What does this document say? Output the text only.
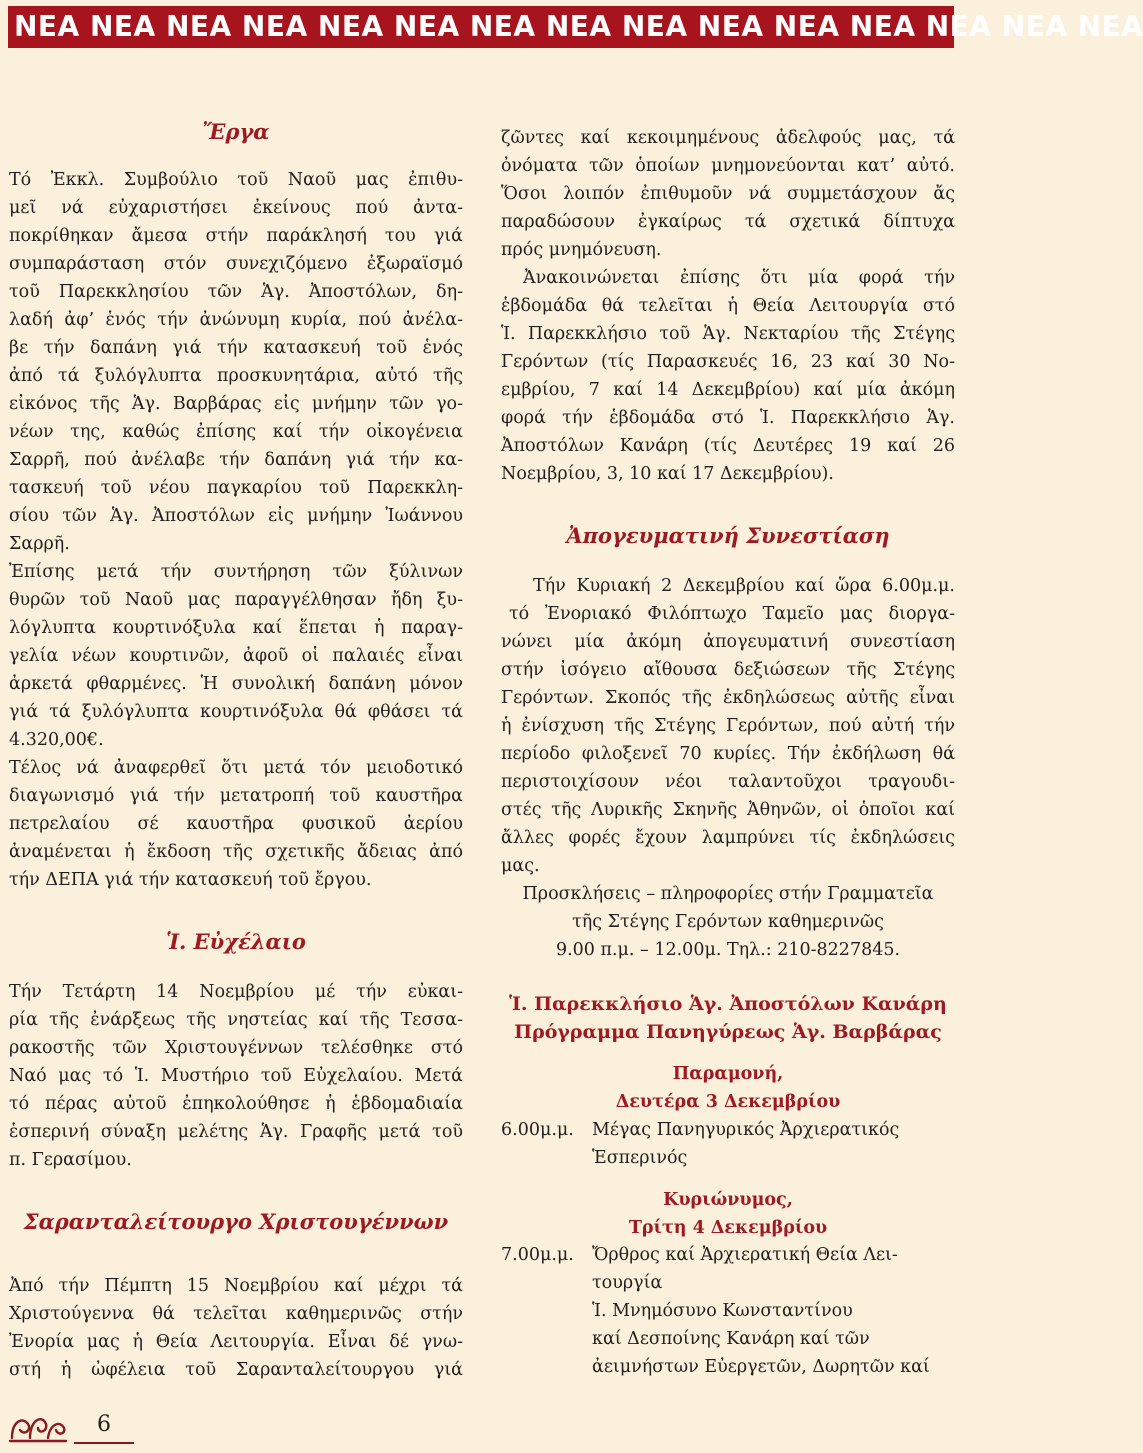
ΝΕΑ ΝΕΑ ΝΕΑ ΝΕΑ ΝΕΑ ΝΕΑ ΝΕΑ ΝΕΑ ΝΕΑ ΝΕΑ ΝΕΑ ΝΕΑ ΝΕΑ ΝΕΑ ΝΕΑ
Ἔργα
Τό Ἐκκλ. Συμβούλιο τοῦ Ναοῦ μας ἐπιθυ-
μεῖ νά εὐχαριστήσει ἐκείνους πού ἀντα-
ποκρίθηκαν ἄμεσα στήν παράκλησή του γιά
συμπαράσταση στόν συνεχιζόμενο ἐξωραϊσμό
τοῦ Παρεκκλησίου τῶν Ἁγ. Ἀποστόλων, δη-
λαδή ἀφ’ ἑνός τήν ἀνώνυμη κυρία, πού ἀνέλα-
βε τήν δαπάνη γιά τήν κατασκευή τοῦ ἑνός
ἀπό τά ξυλόγλυπτα προσκυνητάρια, αὐτό τῆς
εἰκόνος τῆς Ἁγ. Βαρβάρας εἰς μνήμην τῶν γο-
νέων της, καθώς ἐπίσης καί τήν οἰκογένεια
Σαρρῆ, πού ἀνέλαβε τήν δαπάνη γιά τήν κα-
τασκευή τοῦ νέου παγκαρίου τοῦ Παρεκκλη-
σίου τῶν Ἁγ. Ἀποστόλων εἰς μνήμην Ἰωάννου
Σαρρῆ.
Ἐπίσης μετά τήν συντήρηση τῶν ξύλινων
θυρῶν τοῦ Ναοῦ μας παραγγέλθησαν ἤδη ξυ-
λόγλυπτα κουρτινόξυλα καί ἕπεται ἡ παραγ-
γελία νέων κουρτινῶν, ἀφοῦ οἱ παλαιές εἶναι
ἀρκετά φθαρμένες. Ἡ συνολική δαπάνη μόνον
γιά τά ξυλόγλυπτα κουρτινόξυλα θά φθάσει τά
4.320,00€.
Τέλος νά ἀναφερθεῖ ὅτι μετά τόν μειοδοτικό
διαγωνισμό γιά τήν μετατροπή τοῦ καυστῆρα
πετρελαίου σέ καυστῆρα φυσικοῦ ἀερίου
ἀναμένεται ἡ ἔκδοση τῆς σχετικῆς ἄδειας ἀπό
τήν ΔΕΠΑ γιά τήν κατασκευή τοῦ ἔργου.
Ἱ. Εὐχέλαιο
Τήν Τετάρτη 14 Νοεμβρίου μέ τήν εὐκαι-
ρία τῆς ἐνάρξεως τῆς νηστείας καί τῆς Τεσσα-
ρακοστῆς τῶν Χριστουγέννων τελέσθηκε στό
Ναό μας τό Ἱ. Μυστήριο τοῦ Εὐχελαίου. Μετά
τό πέρας αὐτοῦ ἐπηκολούθησε ἡ ἑβδομαδιαία
ἑσπερινή σύναξη μελέτης Ἁγ. Γραφῆς μετά τοῦ
π. Γερασίμου.
Σαρανταλείτουργο Χριστουγέννων
Ἀπό τήν Πέμπτη 15 Νοεμβρίου καί μέχρι τά
Χριστούγεννα θά τελεῖται καθημερινῶς στήν
Ἐνορία μας ἡ Θεία Λειτουργία. Εἶναι δέ γνω-
στή ἡ ὠφέλεια τοῦ Σαρανταλείτουργου γιά
ζῶντες καί κεκοιμημένους ἀδελφούς μας, τά
ὀνόματα τῶν ὁποίων μνημονεύονται κατ’ αὐτό.
Ὅσοι λοιπόν ἐπιθυμοῦν νά συμμετάσχουν ἄς
παραδώσουν ἐγκαίρως τά σχετικά δίπτυχα
πρός μνημόνευση.
Ἀνακοινώνεται ἐπίσης ὅτι μία φορά τήν
ἑβδομάδα θά τελεῖται ἡ Θεία Λειτουργία στό
Ἱ. Παρεκκλήσιο τοῦ Ἁγ. Νεκταρίου τῆς Στέγης
Γερόντων (τίς Παρασκευές 16, 23 καί 30 Νο-
εμβρίου, 7 καί 14 Δεκεμβρίου) καί μία ἀκόμη
φορά τήν ἑβδομάδα στό Ἱ. Παρεκκλήσιο Ἁγ.
Ἀποστόλων Κανάρη (τίς Δευτέρες 19 καί 26
Νοεμβρίου, 3, 10 καί 17 Δεκεμβρίου).
Ἀπογευματινή Συνεστίαση
Τήν Κυριακή 2 Δεκεμβρίου καί ὥρα 6.00μ.μ.
τό Ἐνοριακό Φιλόπτωχο Ταμεῖο μας διοργα-
νώνει μία ἀκόμη ἀπογευματινή συνεστίαση
στήν ἰσόγειο αἴθουσα δεξιώσεων τῆς Στέγης
Γερόντων. Σκοπός τῆς ἐκδηλώσεως αὐτῆς εἶναι
ἡ ἐνίσχυση τῆς Στέγης Γερόντων, πού αὐτή τήν
περίοδο φιλοξενεῖ 70 κυρίες. Τήν ἐκδήλωση θά
περιστοιχίσουν νέοι ταλαντοῦχοι τραγουδι-
στές τῆς Λυρικῆς Σκηνῆς Ἀθηνῶν, οἱ ὁποῖοι καί
ἄλλες φορές ἔχουν λαμπρύνει τίς ἐκδηλώσεις
μας.
Προσκλήσεις – πληροφορίες στήν Γραμματεῖα
τῆς Στέγης Γερόντων καθημερινῶς
9.00 π.μ. – 12.00μ. Τηλ.: 210-8227845.
Ἱ. Παρεκκλήσιο Ἁγ. Ἀποστόλων Κανάρη
Πρόγραμμα Πανηγύρεως Ἁγ. Βαρβάρας
Παραμονή,
Δευτέρα 3 Δεκεμβρίου
6.00μ.μ. Μέγας Πανηγυρικός Ἀρχιερατικός
Ἑσπερινός
Κυριώνυμος,
Τρίτη 4 Δεκεμβρίου
7.00μ.μ. Ὄρθρος καί Ἀρχιερατική Θεία Λει-
τουργία
Ἱ. Μνημόσυνο Κωνσταντίνου
καί Δεσποίνης Κανάρη καί τῶν
ἀειμνήστων Εὐεργετῶν, Δωρητῶν καί
6
